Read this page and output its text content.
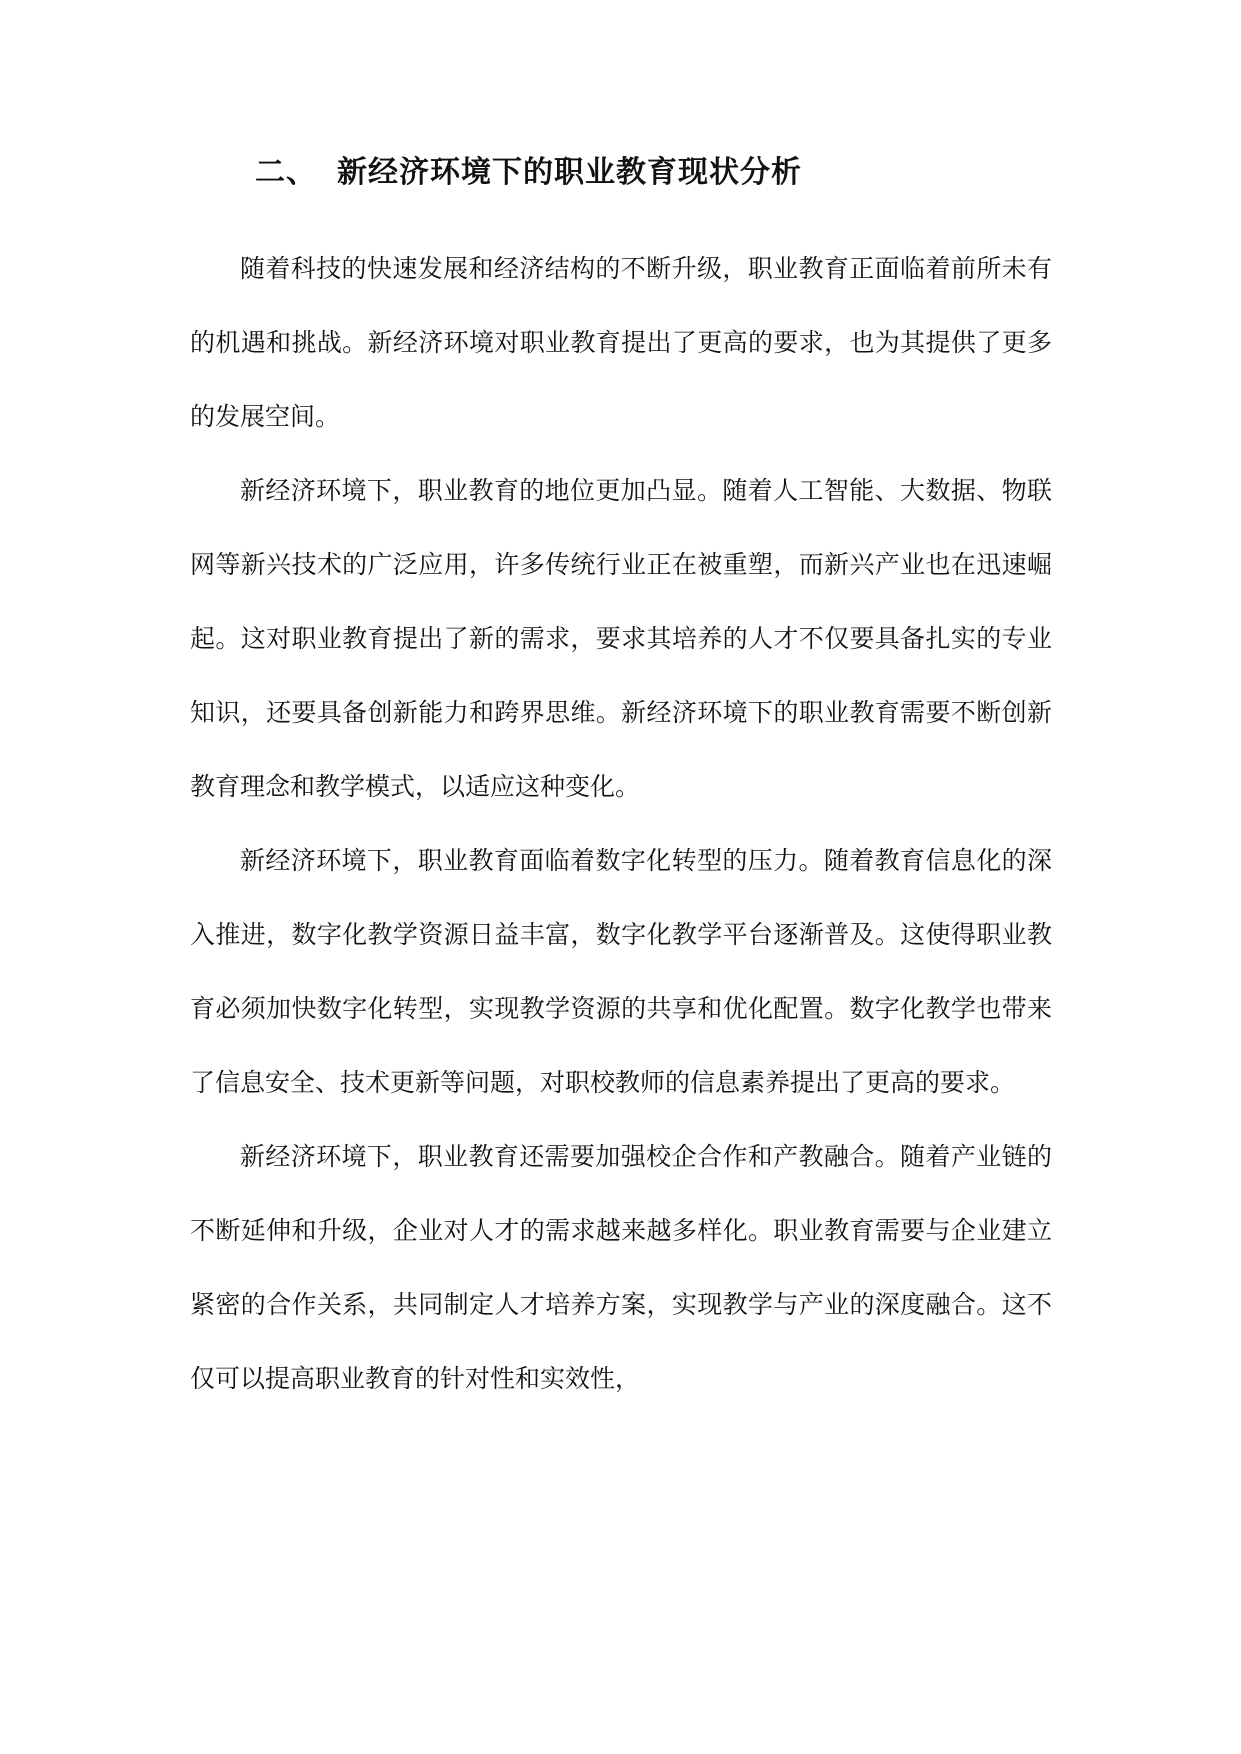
二、 新经济环境下的职业教育现状分析

随着科技的快速发展和经济结构的不断升级，职业教育正面临着前所未有的机遇和挑战。新经济环境对职业教育提出了更高的要求，也为其提供了更多的发展空间。

新经济环境下，职业教育的地位更加凸显。随着人工智能、大数据、物联网等新兴技术的广泛应用，许多传统行业正在被重塑，而新兴产业也在迅速崛起。这对职业教育提出了新的需求，要求其培养的人才不仅要具备扎实的专业知识，还要具备创新能力和跨界思维。新经济环境下的职业教育需要不断创新教育理念和教学模式，以适应这种变化。

新经济环境下，职业教育面临着数字化转型的压力。随着教育信息化的深入推进，数字化教学资源日益丰富，数字化教学平台逐渐普及。这使得职业教育必须加快数字化转型，实现教学资源的共享和优化配置。数字化教学也带来了信息安全、技术更新等问题，对职校教师的信息素养提出了更高的要求。

新经济环境下，职业教育还需要加强校企合作和产教融合。随着产业链的不断延伸和升级，企业对人才的需求越来越多样化。职业教育需要与企业建立紧密的合作关系，共同制定人才培养方案，实现教学与产业的深度融合。这不仅可以提高职业教育的针对性和实效性，
